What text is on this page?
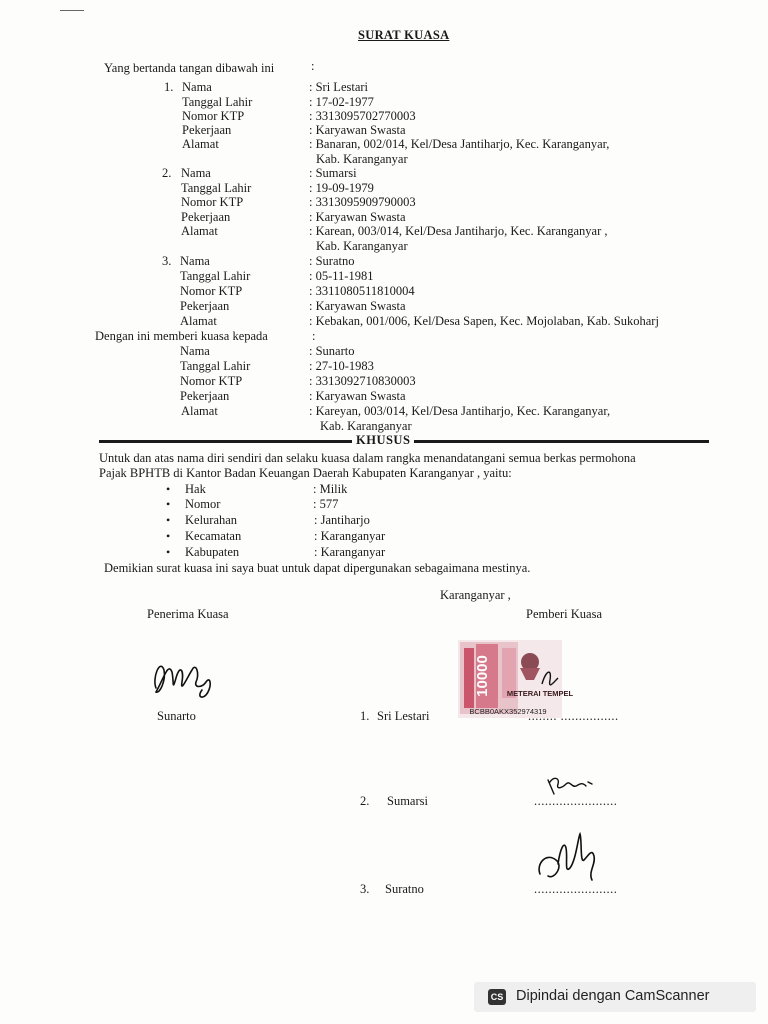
SURAT KUASA
Yang bertanda tangan dibawah ini	:
1. Nama	: Sri Lestari
Tanggal Lahir	: 17-02-1977
Nomor KTP	: 3313095702770003
Pekerjaan	: Karyawan Swasta
Alamat	: Banaran, 002/014, Kel/Desa Jantiharjo, Kec. Karanganyar,
Kab. Karanganyar
2. Nama	: Sumarsi
Tanggal Lahir	: 19-09-1979
Nomor KTP	: 3313095909790003
Pekerjaan	: Karyawan Swasta
Alamat	: Karean, 003/014, Kel/Desa Jantiharjo, Kec. Karanganyar ,
Kab. Karanganyar
3. Nama	: Suratno
Tanggal Lahir	: 05-11-1981
Nomor KTP	: 3311080511810004
Pekerjaan	: Karyawan Swasta
Alamat	: Kebakan, 001/006, Kel/Desa Sapen, Kec. Mojolaban, Kab. Sukoharj
Dengan ini memberi kuasa kepada	:
Nama	: Sunarto
Tanggal Lahir	: 27-10-1983
Nomor KTP	: 3313092710830003
Pekerjaan	: Karyawan Swasta
Alamat	: Kareyan, 003/014, Kel/Desa Jantiharjo, Kec. Karanganyar,
Kab. Karanganyar
KHUSUS
Untuk dan atas nama diri sendiri dan selaku kuasa dalam rangka menandatangani semua berkas permohona
Pajak BPHTB di Kantor Badan Keuangan Daerah Kabupaten Karanganyar , yaitu:
• Hak	: Milik
• Nomor	: 577
• Kelurahan	: Jantiharjo
• Kecamatan	: Karanganyar
• Kabupaten	: Karanganyar
Demikian surat kuasa ini saya buat untuk dapat dipergunakan sebagaimana mestinya.
Karanganyar ,
Penerima Kuasa	Pemberi Kuasa
Sunarto
10000 METERAI TEMPEL
BCBB0AKX352974319
1. Sri Lestari	........ ................
2. Sumarsi	.......................
3. Suratno	.......................
CS Dipindai dengan CamScanner
